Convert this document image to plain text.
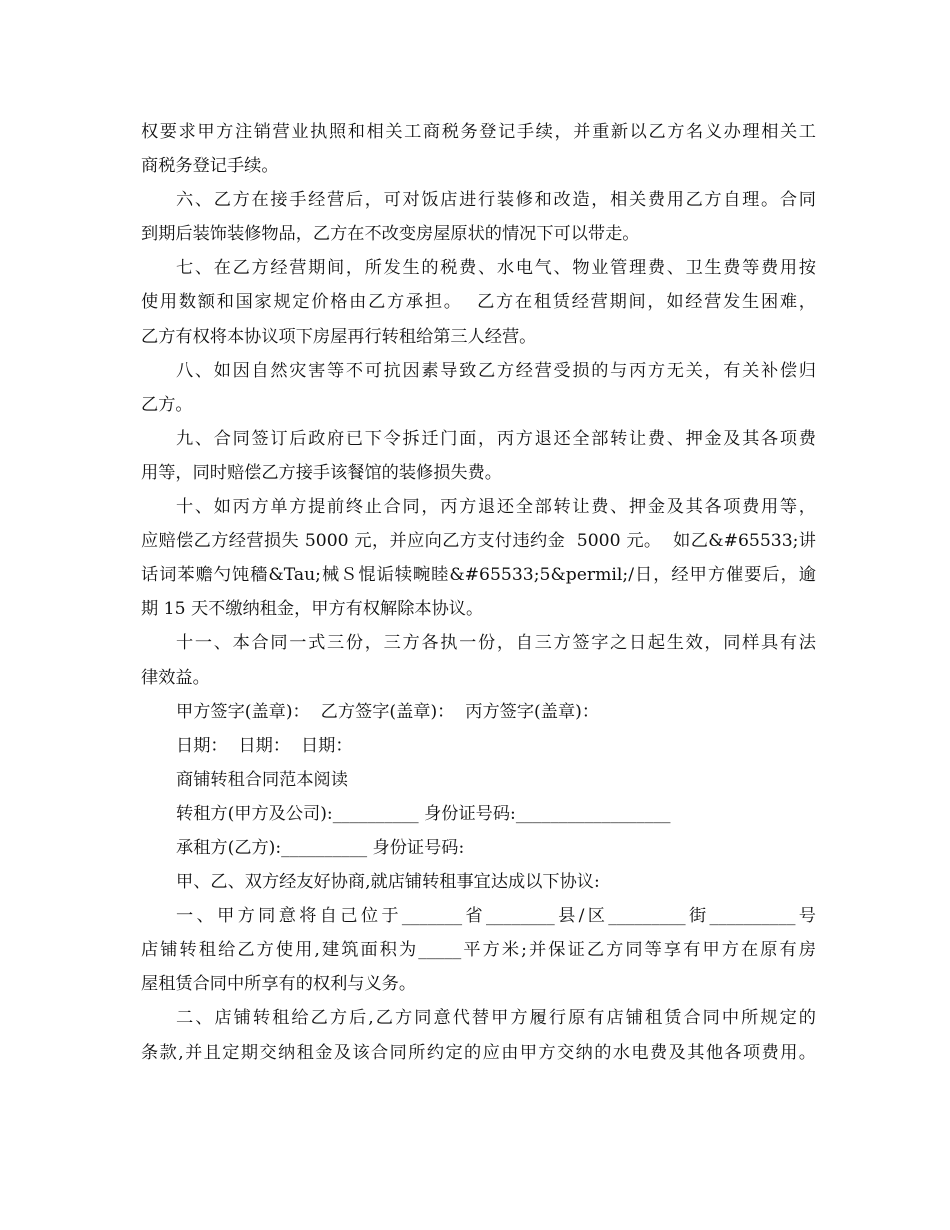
权要求甲方注销营业执照和相关工商税务登记手续，并重新以乙方名义办理相关工
商税务登记手续。
六、乙方在接手经营后，可对饭店进行装修和改造，相关费用乙方自理。合同
到期后装饰装修物品，乙方在不改变房屋原状的情况下可以带走。
七、在乙方经营期间，所发生的税费、水电气、物业管理费、卫生费等费用按
使用数额和国家规定价格由乙方承担。  乙方在租赁经营期间，如经营发生困难，
乙方有权将本协议项下房屋再行转租给第三人经营。
八、如因自然灾害等不可抗因素导致乙方经营受损的与丙方无关，有关补偿归
乙方。
九、合同签订后政府已下令拆迁门面，丙方退还全部转让费、押金及其各项费
用等，同时赔偿乙方接手该餐馆的装修损失费。
十、如丙方单方提前终止合同，丙方退还全部转让费、押金及其各项费用等，
应赔偿乙方经营损失 5000 元，并应向乙方支付违约金  5000 元。  如乙&#65533;讲
话词苯赡勺饨穡&Tau;械Ｓ惃诟犊畹睦&#65533;5&permil;/日，经甲方催要后，逾
期 15 天不缴纳租金，甲方有权解除本协议。
十一、本合同一式三份，三方各执一份，自三方签字之日起生效，同样具有法
律效益。
甲方签字(盖章)：  乙方签字(盖章)：  丙方签字(盖章)：
日期：  日期：  日期：
商铺转租合同范本阅读
转租方(甲方及公司):__________ 身份证号码:__________________
承租方(乙方):__________ 身份证号码:
甲、乙、双方经友好协商,就店铺转租事宜达成以下协议:
一、甲方同意将自己位于_______省________县/区_________街__________号
店铺转租给乙方使用,建筑面积为_____平方米;并保证乙方同等享有甲方在原有房
屋租赁合同中所享有的权利与义务。
二、店铺转租给乙方后,乙方同意代替甲方履行原有店铺租赁合同中所规定的
条款,并且定期交纳租金及该合同所约定的应由甲方交纳的水电费及其他各项费用。
